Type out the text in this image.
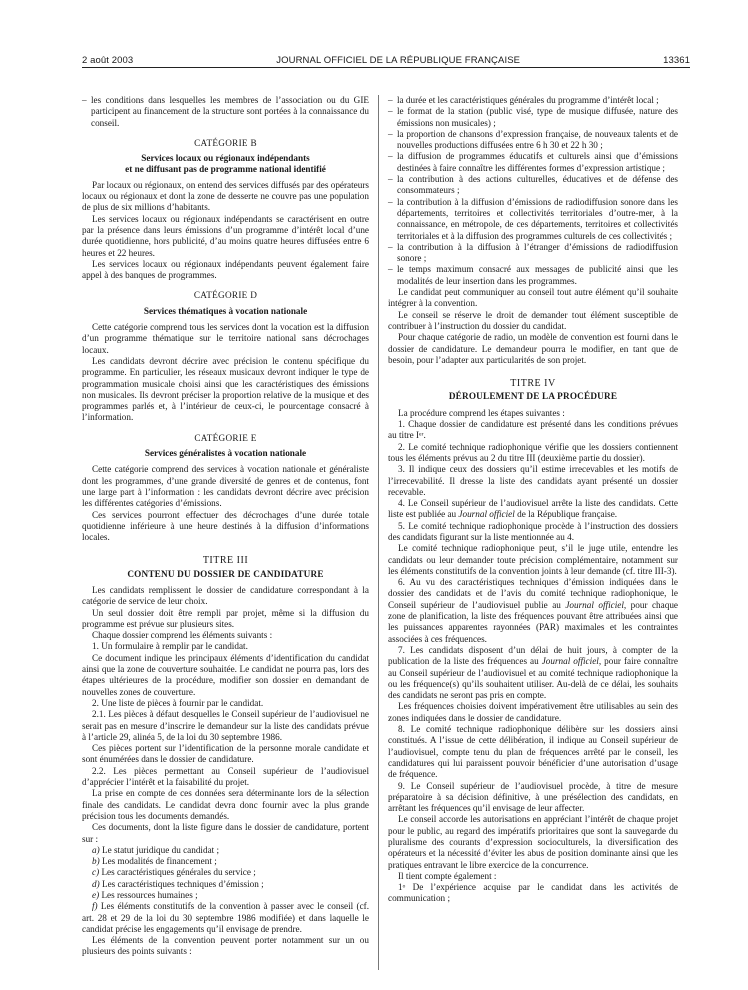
2 août 2003	JOURNAL OFFICIEL DE LA RÉPUBLIQUE FRANÇAISE	13361

– les conditions dans lesquelles les membres de l’association ou du GIE participent au financement de la structure sont portées à la connaissance du conseil.

CATÉGORIE B
Services locaux ou régionaux indépendants
et ne diffusant pas de programme national identifié

Par locaux ou régionaux, on entend des services diffusés par des opérateurs locaux ou régionaux et dont la zone de desserte ne couvre pas une population de plus de six millions d’habitants.

Les services locaux ou régionaux indépendants se caractérisent en outre par la présence dans leurs émissions d’un programme d’intérêt local d’une durée quotidienne, hors publicité, d’au moins quatre heures diffusées entre 6 heures et 22 heures.

Les services locaux ou régionaux indépendants peuvent également faire appel à des banques de programmes.

CATÉGORIE D
Services thématiques à vocation nationale

Cette catégorie comprend tous les services dont la vocation est la diffusion d’un programme thématique sur le territoire national sans décrochages locaux.

Les candidats devront décrire avec précision le contenu spécifique du programme. En particulier, les réseaux musicaux devront indiquer le type de programmation musicale choisi ainsi que les caractéristiques des émissions non musicales. Ils devront préciser la proportion relative de la musique et des programmes parlés et, à l’intérieur de ceux-ci, le pourcentage consacré à l’information.

CATÉGORIE E
Services généralistes à vocation nationale

Cette catégorie comprend des services à vocation nationale et généraliste dont les programmes, d’une grande diversité de genres et de contenus, font une large part à l’information : les candidats devront décrire avec précision les différentes catégories d’émissions.

Ces services pourront effectuer des décrochages d’une durée totale quotidienne inférieure à une heure destinés à la diffusion d’informations locales.

TITRE III
CONTENU DU DOSSIER DE CANDIDATURE

Les candidats remplissent le dossier de candidature correspondant à la catégorie de service de leur choix.

Un seul dossier doit être rempli par projet, même si la diffusion du programme est prévue sur plusieurs sites.

Chaque dossier comprend les éléments suivants :

1. Un formulaire à remplir par le candidat.

Ce document indique les principaux éléments d’identification du candidat ainsi que la zone de couverture souhaitée. Le candidat ne pourra pas, lors des étapes ultérieures de la procédure, modifier son dossier en demandant de nouvelles zones de couverture.

2. Une liste de pièces à fournir par le candidat.

2.1. Les pièces à défaut desquelles le Conseil supérieur de l’audiovisuel ne serait pas en mesure d’inscrire le demandeur sur la liste des candidats prévue à l’article 29, alinéa 5, de la loi du 30 septembre 1986.

Ces pièces portent sur l’identification de la personne morale candidate et sont énumérées dans le dossier de candidature.

2.2. Les pièces permettant au Conseil supérieur de l’audiovisuel d’apprécier l’intérêt et la faisabilité du projet.

La prise en compte de ces données sera déterminante lors de la sélection finale des candidats. Le candidat devra donc fournir avec la plus grande précision tous les documents demandés.

Ces documents, dont la liste figure dans le dossier de candidature, portent sur :

a) Le statut juridique du candidat ;

b) Les modalités de financement ;

c) Les caractéristiques générales du service ;

d) Les caractéristiques techniques d’émission ;

e) Les ressources humaines ;

f) Les éléments constitutifs de la convention à passer avec le conseil (cf. art. 28 et 29 de la loi du 30 septembre 1986 modifiée) et dans laquelle le candidat précise les engagements qu’il envisage de prendre.

Les éléments de la convention peuvent porter notamment sur un ou plusieurs des points suivants :

– la durée et les caractéristiques générales du programme d’intérêt local ;

– le format de la station (public visé, type de musique diffusée, nature des émissions non musicales) ;

– la proportion de chansons d’expression française, de nouveaux talents et de nouvelles productions diffusées entre 6 h 30 et 22 h 30 ;

– la diffusion de programmes éducatifs et culturels ainsi que d’émissions destinées à faire connaître les différentes formes d’expression artistique ;

– la contribution à des actions culturelles, éducatives et de défense des consommateurs ;

– la contribution à la diffusion d’émissions de radiodiffusion sonore dans les départements, territoires et collectivités territoriales d’outre-mer, à la connaissance, en métropole, de ces départements, territoires et collectivités territoriales et à la diffusion des programmes culturels de ces collectivités ;

– la contribution à la diffusion à l’étranger d’émissions de radiodiffusion sonore ;

– le temps maximum consacré aux messages de publicité ainsi que les modalités de leur insertion dans les programmes.

Le candidat peut communiquer au conseil tout autre élément qu’il souhaite intégrer à la convention.

Le conseil se réserve le droit de demander tout élément susceptible de contribuer à l’instruction du dossier du candidat.

Pour chaque catégorie de radio, un modèle de convention est fourni dans le dossier de candidature. Le demandeur pourra le modifier, en tant que de besoin, pour l’adapter aux particularités de son projet.

TITRE IV
DÉROULEMENT DE LA PROCÉDURE

La procédure comprend les étapes suivantes :

1. Chaque dossier de candidature est présenté dans les conditions prévues au titre Iᵉʳ.

2. Le comité technique radiophonique vérifie que les dossiers contiennent tous les éléments prévus au 2 du titre III (deuxième partie du dossier).

3. Il indique ceux des dossiers qu’il estime irrecevables et les motifs de l’irrecevabilité. Il dresse la liste des candidats ayant présenté un dossier recevable.

4. Le Conseil supérieur de l’audiovisuel arrête la liste des candidats. Cette liste est publiée au Journal officiel de la République française.

5. Le comité technique radiophonique procède à l’instruction des dossiers des candidats figurant sur la liste mentionnée au 4.

Le comité technique radiophonique peut, s’il le juge utile, entendre les candidats ou leur demander toute précision complémentaire, notamment sur les éléments constitutifs de la convention joints à leur demande (cf. titre III-3).

6. Au vu des caractéristiques techniques d’émission indiquées dans le dossier des candidats et de l’avis du comité technique radiophonique, le Conseil supérieur de l’audiovisuel publie au Journal officiel, pour chaque zone de planification, la liste des fréquences pouvant être attribuées ainsi que les puissances apparentes rayonnées (PAR) maximales et les contraintes associées à ces fréquences.

7. Les candidats disposent d’un délai de huit jours, à compter de la publication de la liste des fréquences au Journal officiel, pour faire connaître au Conseil supérieur de l’audiovisuel et au comité technique radiophonique la ou les fréquence(s) qu’ils souhaitent utiliser. Au-delà de ce délai, les souhaits des candidats ne seront pas pris en compte.

Les fréquences choisies doivent impérativement être utilisables au sein des zones indiquées dans le dossier de candidature.

8. Le comité technique radiophonique délibère sur les dossiers ainsi constitués. A l’issue de cette délibération, il indique au Conseil supérieur de l’audiovisuel, compte tenu du plan de fréquences arrêté par le conseil, les candidatures qui lui paraissent pouvoir bénéficier d’une autorisation d’usage de fréquence.

9. Le Conseil supérieur de l’audiovisuel procède, à titre de mesure préparatoire à sa décision définitive, à une présélection des candidats, en arrêtant les fréquences qu’il envisage de leur affecter.

Le conseil accorde les autorisations en appréciant l’intérêt de chaque projet pour le public, au regard des impératifs prioritaires que sont la sauvegarde du pluralisme des courants d’expression socioculturels, la diversification des opérateurs et la nécessité d’éviter les abus de position dominante ainsi que les pratiques entravant le libre exercice de la concurrence.

Il tient compte également :

1ᵒ De l’expérience acquise par le candidat dans les activités de communication ;
